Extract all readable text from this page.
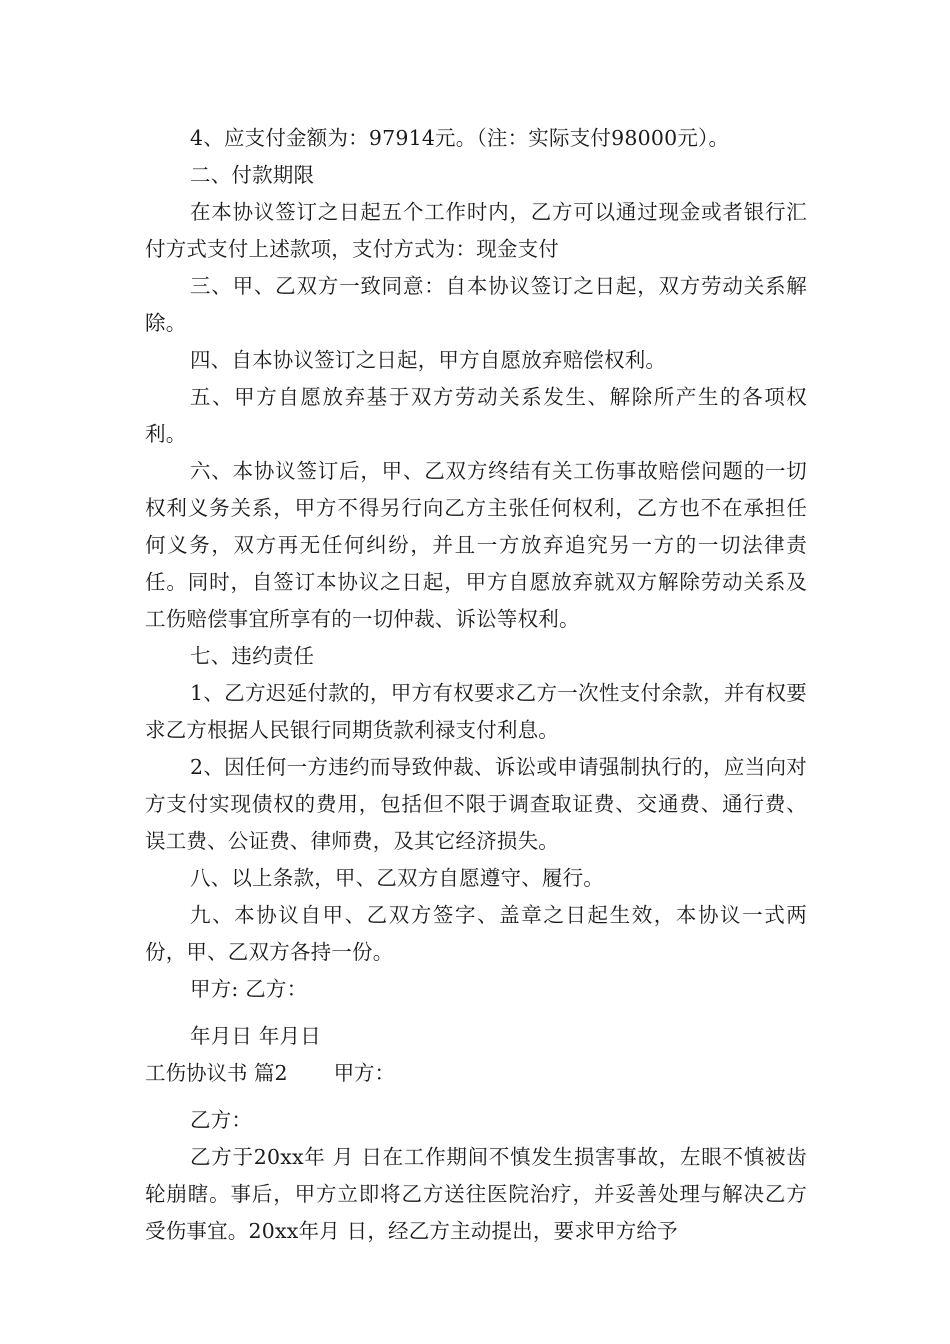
4、应支付金额为：97914元。（注：实际支付98000元）。

二、付款期限

在本协议签订之日起五个工作时内，乙方可以通过现金或者银行汇付方式支付上述款项，支付方式为：现金支付

三、甲、乙双方一致同意：自本协议签订之日起，双方劳动关系解除。

四、自本协议签订之日起，甲方自愿放弃赔偿权利。

五、甲方自愿放弃基于双方劳动关系发生、解除所产生的各项权利。

六、本协议签订后，甲、乙双方终结有关工伤事故赔偿问题的一切权利义务关系，甲方不得另行向乙方主张任何权利，乙方也不在承担任何义务，双方再无任何纠纷，并且一方放弃追究另一方的一切法律责任。同时，自签订本协议之日起，甲方自愿放弃就双方解除劳动关系及工伤赔偿事宜所享有的一切仲裁、诉讼等权利。

七、违约责任

1、乙方迟延付款的，甲方有权要求乙方一次性支付余款，并有权要求乙方根据人民银行同期货款利禄支付利息。

2、因任何一方违约而导致仲裁、诉讼或申请强制执行的，应当向对方支付实现债权的费用，包括但不限于调查取证费、交通费、通行费、误工费、公证费、律师费，及其它经济损失。

八、以上条款，甲、乙双方自愿遵守、履行。

九、本协议自甲、乙双方签字、盖章之日起生效，本协议一式两份，甲、乙双方各持一份。

甲方: 乙方：

年月日 年月日

工伤协议书 篇2 甲方：

乙方：

乙方于20xx年 月 日在工作期间不慎发生损害事故，左眼不慎被齿轮崩瞎。事后，甲方立即将乙方送往医院治疗，并妥善处理与解决乙方受伤事宜。20xx年月 日，经乙方主动提出，要求甲方给予
